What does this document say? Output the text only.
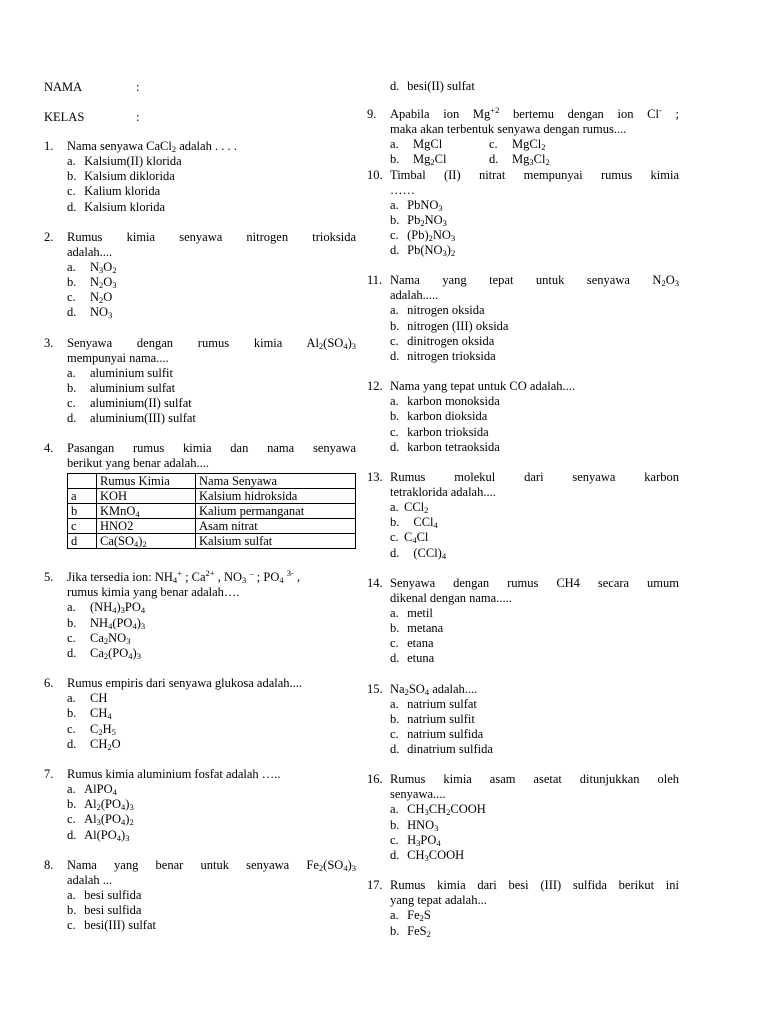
NAMA	:
KELAS	:
1.	Nama senyawa CaCl$_2$ adalah . . . .
a.
Kalsium(II) klorida
b.
Kalsium diklorida
c.
Kalium klorida
d.
Kalsium klorida
2.	Rumus kimia senyawa nitrogen trioksida
adalah....
a.	$N_3O_2$
b.	$N_2O_3$
c.	$N_2O$
d.	$NO_3$
3.	Senyawa dengan rumus kimia $Al_2(SO_4)_3$
mempunyai nama....
a.	aluminium sulfit
b.	aluminium sulfat
c.	aluminium(II) sulfat
d.	aluminium(III) sulfat
4.	Pasangan rumus kimia dan nama senyawa
berikut yang benar adalah....
	Rumus Kimia	Nama Senyawa
a	KOH	Kalsium hidroksida
b	KMnO$_4$	Kalium permanganat
c	HNO2	Asam nitrat
d	$Ca(SO_4)_2$	Kalsium sulfat
5.	Jika tersedia ion: $NH_4^+$ ; $Ca^{2+}$ , $NO_3$ – ; $PO_4$ $^{3-}$ ,
rumus kimia yang benar adalah….
a.	$(NH_4)_3PO_4$
b.	$NH_4(PO_4)_3$
c.	$Ca_2NO_3$
d.	$Ca_2(PO_4)_3$
6.	Rumus empiris dari senyawa glukosa adalah....
a.	CH
b.	$CH_4$
c.	$C_2H_5$
d.	$CH_2O$
7.	Rumus kimia aluminium fosfat adalah …..
a.
AlPO$_4$
b.
$Al_2(PO_4)_3$
c.
$Al_3(PO_4)_2$
d.
$Al(PO_4)_3$
8.	Nama yang benar untuk senyawa $Fe_2(SO_4)_3$
adalah ...
a.
besi sulfida
b.
besi sulfida
c.
besi(III) sulfat
d.
besi(II) sulfat
9.	Apabila ion $Mg^{+2}$ bertemu dengan ion Cl- ;
maka akan terbentuk senyawa dengan rumus....
a.	MgCl	c.	MgCl$_2$
b.	$Mg_2Cl$	d.	$Mg_3Cl_2$
10. Timbal (II) nitrat mempunyai rumus kimia
……
a.
PbNO$_3$
b.
$Pb_2NO_3$
c.
$(Pb)_2NO_3$
d.
$Pb(NO_3)_2$
11. Nama yang tepat untuk senyawa $N_2O_3$
adalah.....
a.
nitrogen oksida
b.
nitrogen (III) oksida
c.
dinitrogen oksida
d.
nitrogen trioksida
12. Nama yang tepat untuk CO adalah....
a.
karbon monoksida
b.
karbon dioksida
c.
karbon trioksida
d.
karbon tetraoksida
13. Rumus molekul dari senyawa karbon
tetraklorida adalah....
a. CCl$_2$
b.
	CCl$_4$
c. $C_4Cl$
d.
	$(CCl)_4$
14. Senyawa dengan rumus CH4 secara umum
dikenal dengan nama.....
a.
metil
b.
metana
c.
etana
d.
etuna
15. $Na_2SO_4$ adalah....
a.
natrium sulfat
b.
natrium sulfit
c.
natrium sulfida
d.
dinatrium sulfida
16. Rumus kimia asam asetat ditunjukkan oleh
senyawa....
a.
$CH_3CH_2COOH$
b.
$HNO_3$
c.
$H_3PO_4$
d.
$CH_3COOH$
17. Rumus kimia dari besi (III) sulfida berikut ini
yang tepat adalah...
a.
$Fe_2S$
b.
FeS$_2$
